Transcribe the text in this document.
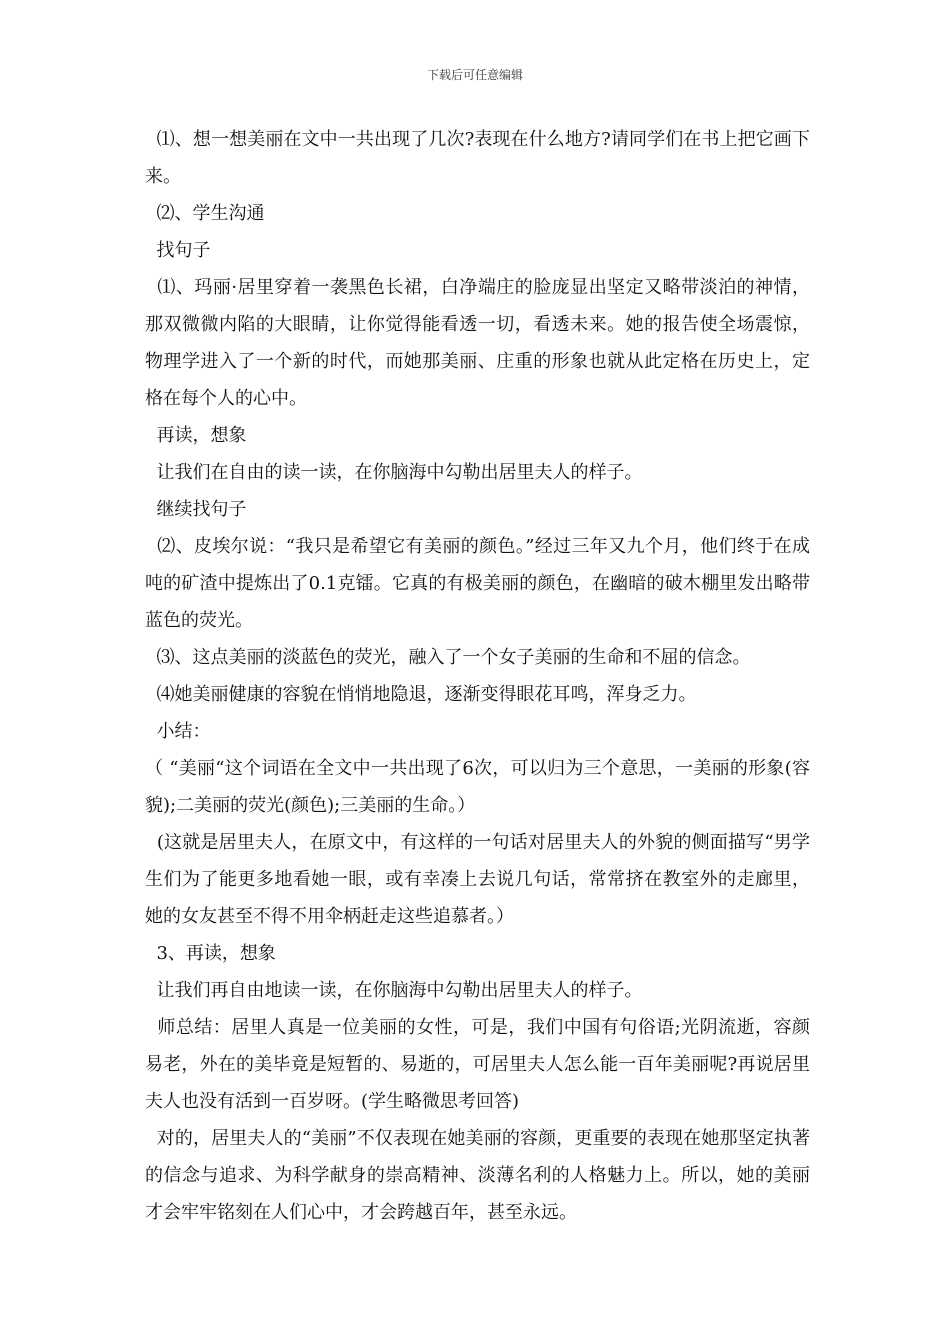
下载后可任意编辑

⑴、想一想美丽在文中一共出现了几次?表现在什么地方?请同学们在书上把它画下来。

⑵、学生沟通

找句子

⑴、玛丽·居里穿着一袭黑色长裙，白净端庄的脸庞显出坚定又略带淡泊的神情，那双微微内陷的大眼睛，让你觉得能看透一切，看透未来。她的报告使全场震惊，物理学进入了一个新的时代，而她那美丽、庄重的形象也就从此定格在历史上，定格在每个人的心中。

再读，想象

让我们在自由的读一读，在你脑海中勾勒出居里夫人的样子。

继续找句子

⑵、皮埃尔说：“我只是希望它有美丽的颜色。”经过三年又九个月，他们终于在成吨的矿渣中提炼出了0.1克镭。它真的有极美丽的颜色，在幽暗的破木棚里发出略带蓝色的荧光。

⑶、这点美丽的淡蓝色的荧光，融入了一个女子美丽的生命和不屈的信念。

⑷她美丽健康的容貌在悄悄地隐退，逐渐变得眼花耳鸣，浑身乏力。

小结：

（ “美丽“这个词语在全文中一共出现了6次，可以归为三个意思，一美丽的形象(容貌);二美丽的荧光(颜色);三美丽的生命。）

(这就是居里夫人，在原文中，有这样的一句话对居里夫人的外貌的侧面描写“男学生们为了能更多地看她一眼，或有幸凑上去说几句话，常常挤在教室外的走廊里，她的女友甚至不得不用伞柄赶走这些追慕者。）

3、再读，想象

让我们再自由地读一读，在你脑海中勾勒出居里夫人的样子。

师总结：居里人真是一位美丽的女性，可是，我们中国有句俗语;光阴流逝，容颜易老，外在的美毕竟是短暂的、易逝的，可居里夫人怎么能一百年美丽呢?再说居里夫人也没有活到一百岁呀。(学生略微思考回答)

对的，居里夫人的“美丽”不仅表现在她美丽的容颜，更重要的表现在她那坚定执著的信念与追求、为科学献身的崇高精神、淡薄名利的人格魅力上。所以，她的美丽才会牢牢铭刻在人们心中，才会跨越百年，甚至永远。
